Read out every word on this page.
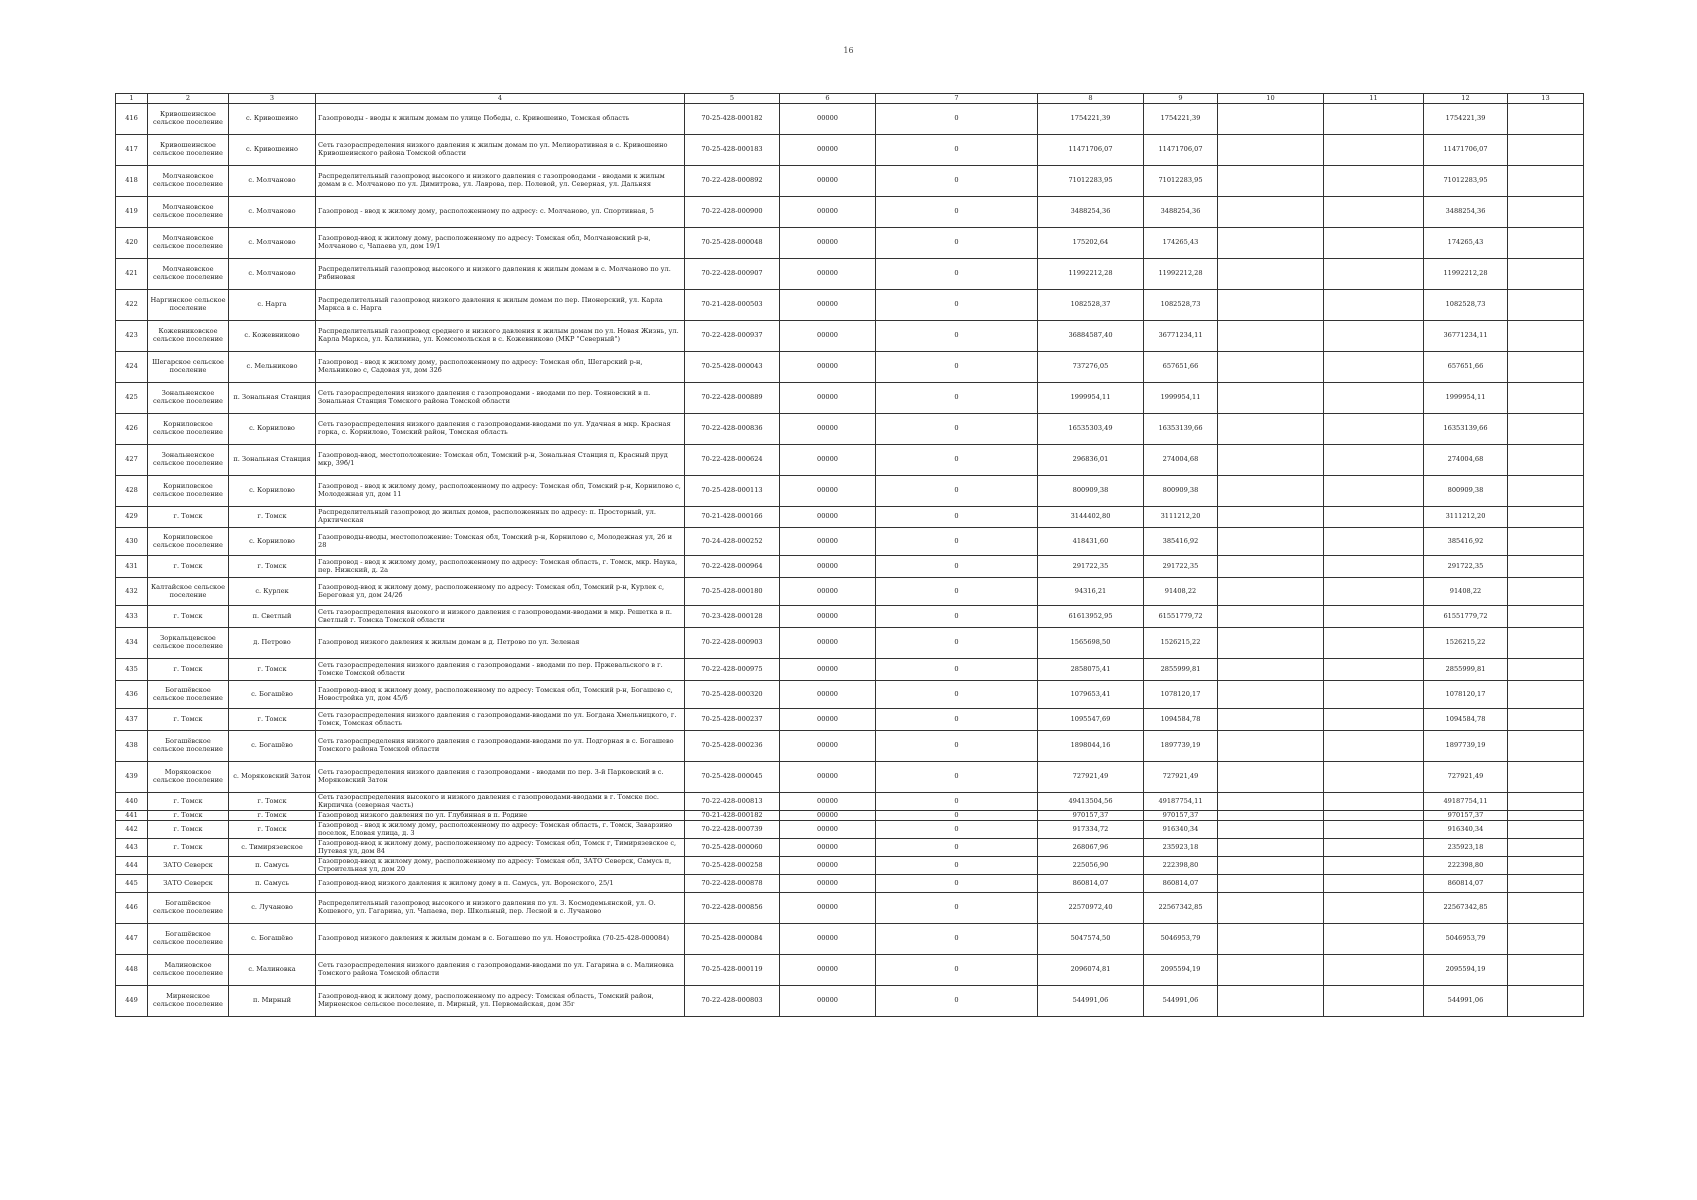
16
1	2	3	4	5	6	7	8	9	10	11	12	13
416	Кривошеинское сельское поселение	с. Кривошеино	Газопроводы - вводы к жилым домам по улице Победы, с. Кривошеино, Томская область	70-25-428-000182	00000	0	1754221,39	1754221,39			1754221,39	
417	Кривошеинское сельское поселение	с. Кривошеино	Сеть газораспределения низкого давления к жилым домам по ул. Мелиоративная в с. Кривошеино Кривошеинского района Томской области	70-25-428-000183	00000	0	11471706,07	11471706,07			11471706,07	
418	Молчановское сельское поселение	с. Молчаново	Распределительный газопровод высокого и низкого давления с газопроводами - вводами к жилым домам в с. Молчаново по ул. Димитрова, ул. Лаврова, пер. Полевой, ул. Северная, ул. Дальняя	70-22-428-000892	00000	0	71012283,95	71012283,95			71012283,95	
419	Молчановское сельское поселение	с. Молчаново	Газопровод - ввод к жилому дому, расположенному по адресу: с. Молчаново, ул. Спортивная, 5	70-22-428-000900	00000	0	3488254,36	3488254,36			3488254,36	
420	Молчановское сельское поселение	с. Молчаново	Газопровод-ввод к жилому дому, расположенному по адресу: Томская обл, Молчановский р-н, Молчаново с, Чапаева ул, дом 19/1	70-25-428-000048	00000	0	175202,64	174265,43			174265,43	
421	Молчановское сельское поселение	с. Молчаново	Распределительный газопровод высокого и низкого давления к жилым домам в с. Молчаново по ул. Рябиновая	70-22-428-000907	00000	0	11992212,28	11992212,28			11992212,28	
422	Наргинское сельское поселение	с. Нарга	Распределительный газопровод низкого давления к жилым домам по пер. Пионерский, ул. Карла Маркса в с. Нарга	70-21-428-000503	00000	0	1082528,37	1082528,73			1082528,73	
423	Кожевниковское сельское поселение	с. Кожевниково	Распределительный газопровод среднего и низкого давления к жилым домам по ул. Новая Жизнь, ул. Карла Маркса, ул. Калинина, ул. Комсомольская в с. Кожевниково (МКР "Северный")	70-22-428-000937	00000	0	36884587,40	36771234,11			36771234,11	
424	Шегарское сельское поселение	с. Мельниково	Газопровод - ввод к жилому дому, расположенному по адресу: Томская обл, Шегарский р-н, Мельниково с, Садовая ул, дом 32б	70-25-428-000043	00000	0	737276,05	657651,66			657651,66	
425	Зональненское сельское поселение	п. Зональная Станция	Сеть газораспределения низкого давления с газопроводами - вводами по пер. Тояновский в п. Зональная Станция Томского района Томской области	70-22-428-000889	00000	0	1999954,11	1999954,11			1999954,11	
426	Корниловское сельское поселение	с. Корнилово	Сеть газораспределения низкого давления с газопроводами-вводами по ул. Удачная в мкр. Красная горка, с. Корнилово, Томский район, Томская область	70-22-428-000836	00000	0	16535303,49	16353139,66			16353139,66	
427	Зональненское сельское поселение	п. Зональная Станция	Газопровод-ввод, местоположение: Томская обл, Томский р-н, Зональная Станция п, Красный пруд мкр, 39б/1	70-22-428-000624	00000	0	296836,01	274004,68			274004,68	
428	Корниловское сельское поселение	с. Корнилово	Газопровод - ввод к жилому дому, расположенному по адресу: Томская обл, Томский р-н, Корнилово с, Молодежная ул, дом 11	70-25-428-000113	00000	0	800909,38	800909,38			800909,38	
429	г. Томск	г. Томск	Распределительный газопровод до жилых домов, расположенных по адресу: п. Просторный, ул. Арктическая	70-21-428-000166	00000	0	3144402,80	3111212,20			3111212,20	
430	Корниловское сельское поселение	с. Корнилово	Газопроводы-вводы, местоположение: Томская обл, Томский р-н, Корнилово с, Молодежная ул, 26 и 28	70-24-428-000252	00000	0	418431,60	385416,92			385416,92	
431	г. Томск	г. Томск	Газопровод - ввод к жилому дому, расположенному по адресу: Томская область, г. Томск, мкр. Наука, пер. Нижский, д. 2а	70-22-428-000964	00000	0	291722,35	291722,35			291722,35	
432	Калтайское сельское поселение	с. Курлек	Газопровод-ввод к жилому дому, расположенному по адресу: Томская обл, Томский р-н, Курлек с, Береговая ул, дом 24/2б	70-25-428-000180	00000	0	94316,21	91408,22			91408,22	
433	г. Томск	п. Светлый	Сеть газораспределения высокого и низкого давления с газопроводами-вводами в мкр. Решетка в п. Светлый г. Томска Томской области	70-23-428-000128	00000	0	61613952,95	61551779,72			61551779,72	
434	Зоркальцевское сельское поселение	д. Петрово	Газопровод низкого давления к жилым домам в д. Петрово по ул. Зеленая	70-22-428-000903	00000	0	1565698,50	1526215,22			1526215,22	
435	г. Томск	г. Томск	Сеть газораспределения низкого давления с газопроводами - вводами по пер. Пржевальского в г. Томске Томской области	70-22-428-000975	00000	0	2858075,41	2855999,81			2855999,81	
436	Богашёвское сельское поселение	с. Богашёво	Газопровод-ввод к жилому дому, расположенному по адресу: Томская обл, Томский р-н, Богашево с, Новостройка ул, дом 45/б	70-25-428-000320	00000	0	1079653,41	1078120,17			1078120,17	
437	г. Томск	г. Томск	Сеть газораспределения низкого давления с газопроводами-вводами по ул. Богдана Хмельницкого, г. Томск, Томская область	70-25-428-000237	00000	0	1095547,69	1094584,78			1094584,78	
438	Богашёвское сельское поселение	с. Богашёво	Сеть газораспределения низкого давления с газопроводами-вводами по ул. Подгорная в с. Богашево Томского района Томской области	70-25-428-000236	00000	0	1898044,16	1897739,19			1897739,19	
439	Моряковское сельское поселение	с. Моряковский Затон	Сеть газораспределения низкого давления с газопроводами - вводами по пер. 3-й Парковский в с. Моряковский Затон	70-25-428-000045	00000	0	727921,49	727921,49			727921,49	
440	г. Томск	г. Томск	Сеть газораспределения высокого и низкого давления с газопроводами-вводами в г. Томске пос. Кирпичка (северная часть)	70-22-428-000813	00000	0	49413504,56	49187754,11			49187754,11	
441	г. Томск	г. Томск	Газопровод низкого давления по ул. Глубинная в п. Родине	70-21-428-000182	00000	0	970157,37	970157,37			970157,37	
442	г. Томск	г. Томск	Газопровод - ввод к жилому дому, расположенному по адресу: Томская область, г. Томск, Заварзино поселок, Еловая улица, д. 3	70-22-428-000739	00000	0	917334,72	916340,34			916340,34	
443	г. Томск	с. Тимирязевское	Газопровод-ввод к жилому дому, расположенному по адресу: Томская обл, Томск г, Тимирязевское с, Путевая ул, дом 84	70-25-428-000060	00000	0	268067,96	235923,18			235923,18	
444	ЗАТО Северск	п. Самусь	Газопровод-ввод к жилому дому, расположенному по адресу: Томская обл, ЗАТО Северск, Самусь п, Строительная ул, дом 20	70-25-428-000258	00000	0	225056,90	222398,80			222398,80	
445	ЗАТО Северск	п. Самусь	Газопровод-ввод низкого давления к жилому дому в п. Самусь, ул. Воронского, 25/1	70-22-428-000878	00000	0	860814,07	860814,07			860814,07	
446	Богашёвское сельское поселение	с. Лучаново	Распределительный газопровод высокого и низкого давления по ул. З. Космодемьянской, ул. О. Кошевого, ул. Гагарина, ул. Чапаева, пер. Школьный, пер. Лесной в с. Лучаново	70-22-428-000856	00000	0	22570972,40	22567342,85			22567342,85	
447	Богашёвское сельское поселение	с. Богашёво	Газопровод низкого давления к жилым домам в с. Богашево по ул. Новостройка (70-25-428-000084)	70-25-428-000084	00000	0	5047574,50	5046953,79			5046953,79	
448	Малиновское сельское поселение	с. Малиновка	Сеть газораспределения низкого давления с газопроводами-вводами по ул. Гагарина в с. Малиновка Томского района Томской области	70-25-428-000119	00000	0	2096074,81	2095594,19			2095594,19	
449	Мирненское сельское поселение	п. Мирный	Газопровод-ввод к жилому дому, расположенному по адресу: Томская область, Томский район, Мирненское сельское поселение, п. Мирный, ул. Первомайская, дом 35г	70-22-428-000803	00000	0	544991,06	544991,06			544991,06	
